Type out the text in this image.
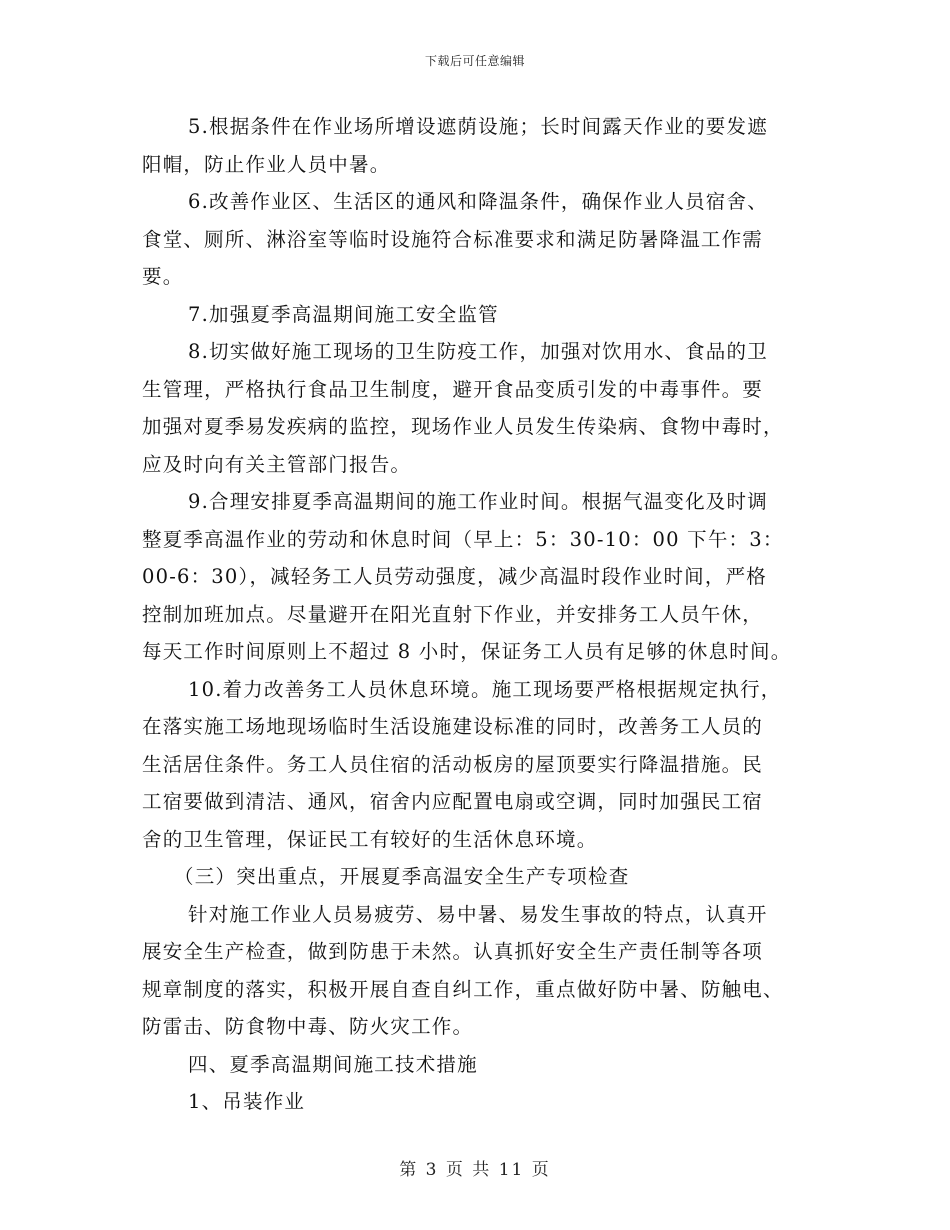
下载后可任意编辑
5.根据条件在作业场所增设遮荫设施；长时间露天作业的要发遮
阳帽，防止作业人员中暑。
6.改善作业区、生活区的通风和降温条件，确保作业人员宿舍、
食堂、厕所、淋浴室等临时设施符合标准要求和满足防暑降温工作需
要。
7.加强夏季高温期间施工安全监管
8.切实做好施工现场的卫生防疫工作，加强对饮用水、食品的卫
生管理，严格执行食品卫生制度，避开食品变质引发的中毒事件。要
加强对夏季易发疾病的监控，现场作业人员发生传染病、食物中毒时，
应及时向有关主管部门报告。
9.合理安排夏季高温期间的施工作业时间。根据气温变化及时调
整夏季高温作业的劳动和休息时间（早上：5：30-10：00 下午：3：
00-6：30），减轻务工人员劳动强度，减少高温时段作业时间，严格
控制加班加点。尽量避开在阳光直射下作业，并安排务工人员午休，
每天工作时间原则上不超过 8 小时，保证务工人员有足够的休息时间。
10.着力改善务工人员休息环境。施工现场要严格根据规定执行，
在落实施工场地现场临时生活设施建设标准的同时，改善务工人员的
生活居住条件。务工人员住宿的活动板房的屋顶要实行降温措施。民
工宿要做到清洁、通风，宿舍内应配置电扇或空调，同时加强民工宿
舍的卫生管理，保证民工有较好的生活休息环境。
（三）突出重点，开展夏季高温安全生产专项检查
针对施工作业人员易疲劳、易中暑、易发生事故的特点，认真开
展安全生产检查，做到防患于未然。认真抓好安全生产责任制等各项
规章制度的落实，积极开展自查自纠工作，重点做好防中暑、防触电、
防雷击、防食物中毒、防火灾工作。
四、夏季高温期间施工技术措施
1、吊装作业
第 3 页 共 11 页
